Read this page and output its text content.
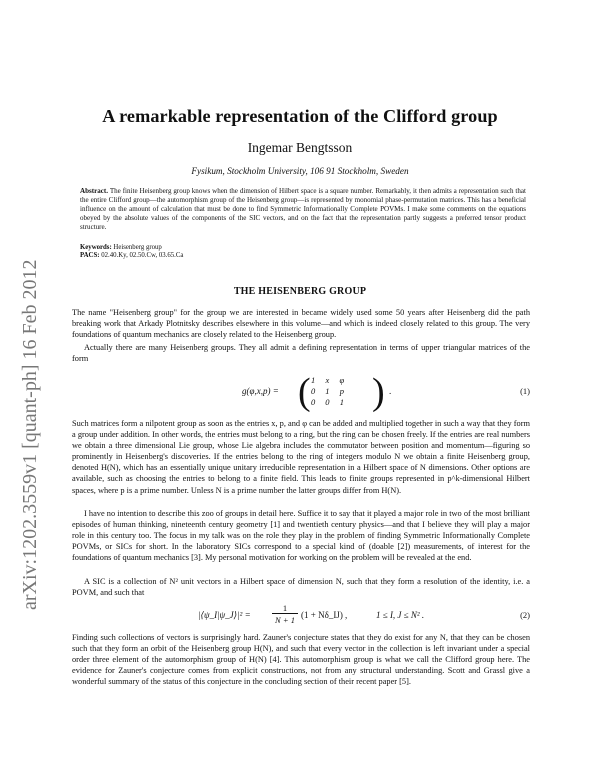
arXiv:1202.3559v1 [quant-ph] 16 Feb 2012
A remarkable representation of the Clifford group
Ingemar Bengtsson
Fysikum, Stockholm University, 106 91 Stockholm, Sweden
Abstract. The finite Heisenberg group knows when the dimension of Hilbert space is a square number. Remarkably, it then admits a representation such that the entire Clifford group—the automorphism group of the Heisenberg group—is represented by monomial phase-permutation matrices. This has a beneficial influence on the amount of calculation that must be done to find Symmetric Informationally Complete POVMs. I make some comments on the equations obeyed by the absolute values of the components of the SIC vectors, and on the fact that the representation partly suggests a preferred tensor product structure.
Keywords: Heisenberg group
PACS: 02.40.Ky, 02.50.Cw, 03.65.Ca
THE HEISENBERG GROUP

The name "Heisenberg group" for the group we are interested in became widely used some 50 years after Heisenberg did the path breaking work that Arkady Plotnitsky describes elsewhere in this volume—and which is indeed closely related to this group. The very foundations of quantum mechanics are closely related to the Heisenberg group.

Actually there are many Heisenberg groups. They all admit a defining representation in terms of upper triangular matrices of the form

g(φ,x,p) = ( 1	x	φ
0	1	p
0	0	1 ) .	(1)

Such matrices form a nilpotent group as soon as the entries x, p, and φ can be added and multiplied together in such a way that they form a group under addition. In other words, the entries must belong to a ring, but the ring can be chosen freely. If the entries are real numbers we obtain a three dimensional Lie group, whose Lie algebra includes the commutator between position and momentum—figuring so prominently in Heisenberg's discoveries. If the entries belong to the ring of integers modulo N we obtain a finite Heisenberg group, denoted H(N), which has an essentially unique unitary irreducible representation in a Hilbert space of N dimensions. Other options are available, such as choosing the entries to belong to a finite field. This leads to finite groups represented in p^k-dimensional Hilbert spaces, where p is a prime number. Unless N is a prime number the latter groups differ from H(N).

I have no intention to describe this zoo of groups in detail here. Suffice it to say that it played a major role in two of the most brilliant episodes of human thinking, nineteenth century geometry [1] and twentieth century physics—and that I believe they will play a major role in this century too. The focus in my talk was on the role they play in the problem of finding Symmetric Informationally Complete POVMs, or SICs for short. In the laboratory SICs correspond to a special kind of (doable [2]) measurements, of interest for the foundations of quantum mechanics [3]. My personal motivation for working on the problem will be revealed at the end.

A SIC is a collection of N² unit vectors in a Hilbert space of dimension N, such that they form a resolution of the identity, i.e. a POVM, and such that

|⟨ψ_I|ψ_J⟩|² =
1
N + 1 (1 + Nδ_IJ) ,	1 ≤ I, J ≤ N² .	(2)

Finding such collections of vectors is surprisingly hard. Zauner's conjecture states that they do exist for any N, that they can be chosen such that they form an orbit of the Heisenberg group H(N), and such that every vector in the collection is left invariant under a special order three element of the automorphism group of H(N) [4]. This automorphism group is what we call the Clifford group here. The evidence for Zauner's conjecture comes from explicit constructions, not from any structural understanding. Scott and Grassl give a wonderful summary of the status of this conjecture in the concluding section of their recent paper [5].
